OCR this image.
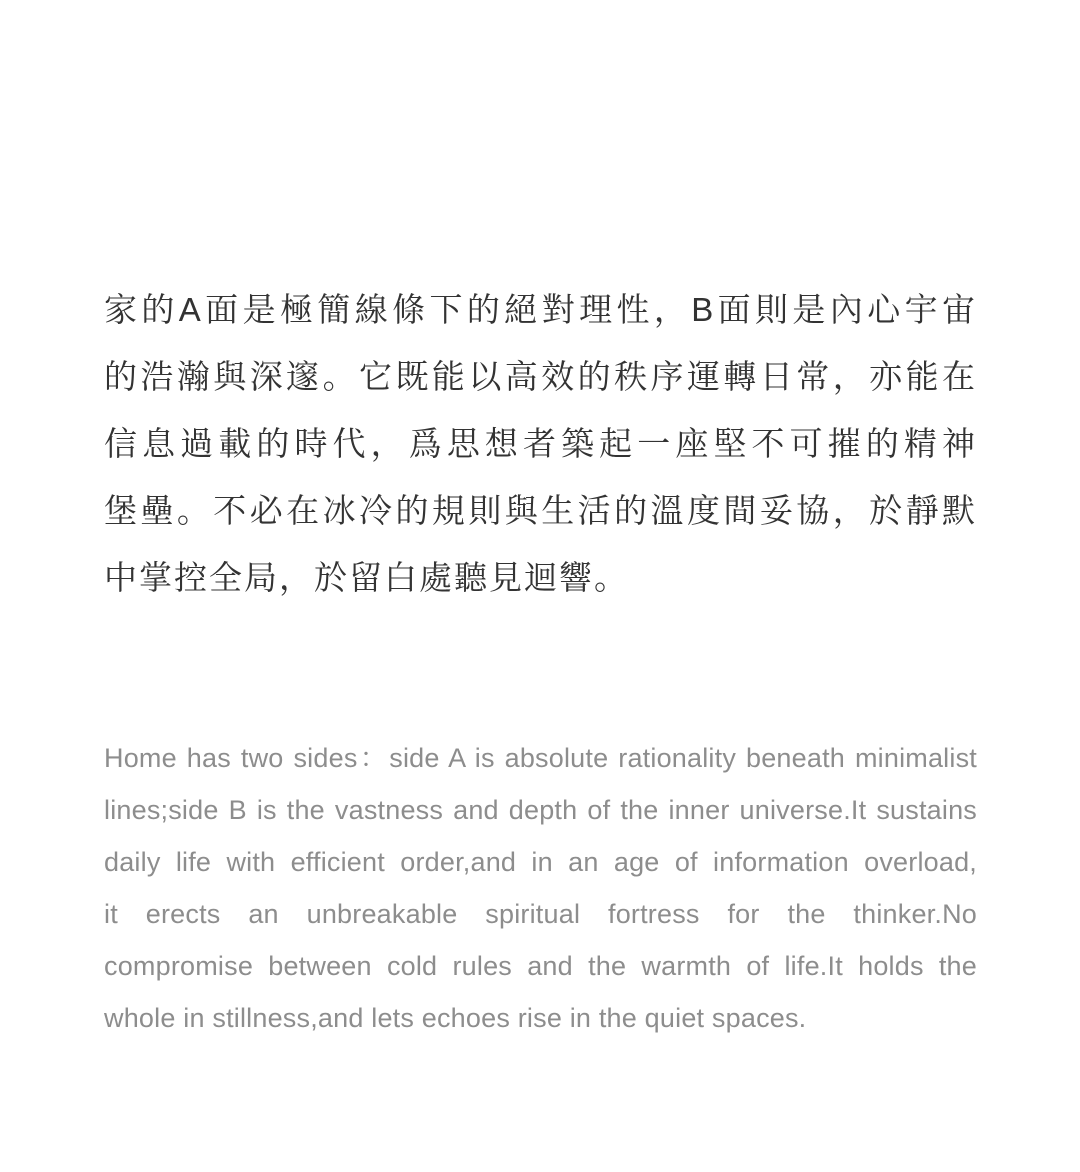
家的A面是極簡線條下的絕對理性，B面則是內心宇宙
的浩瀚與深邃。它既能以高效的秩序運轉日常，亦能在
信息過載的時代，爲思想者築起一座堅不可摧的精神
堡壘。不必在冰冷的規則與生活的溫度間妥協，於靜默
中掌控全局，於留白處聽見迴響。
Home has two sides：side A is absolute rationality beneath minimalist
lines;side B is the vastness and depth of the inner universe.It sustains
daily life with efficient order,and in an age of information overload,
it erects an unbreakable spiritual fortress for the thinker.No
compromise between cold rules and the warmth of life.It holds the
whole in stillness,and lets echoes rise in the quiet spaces.
